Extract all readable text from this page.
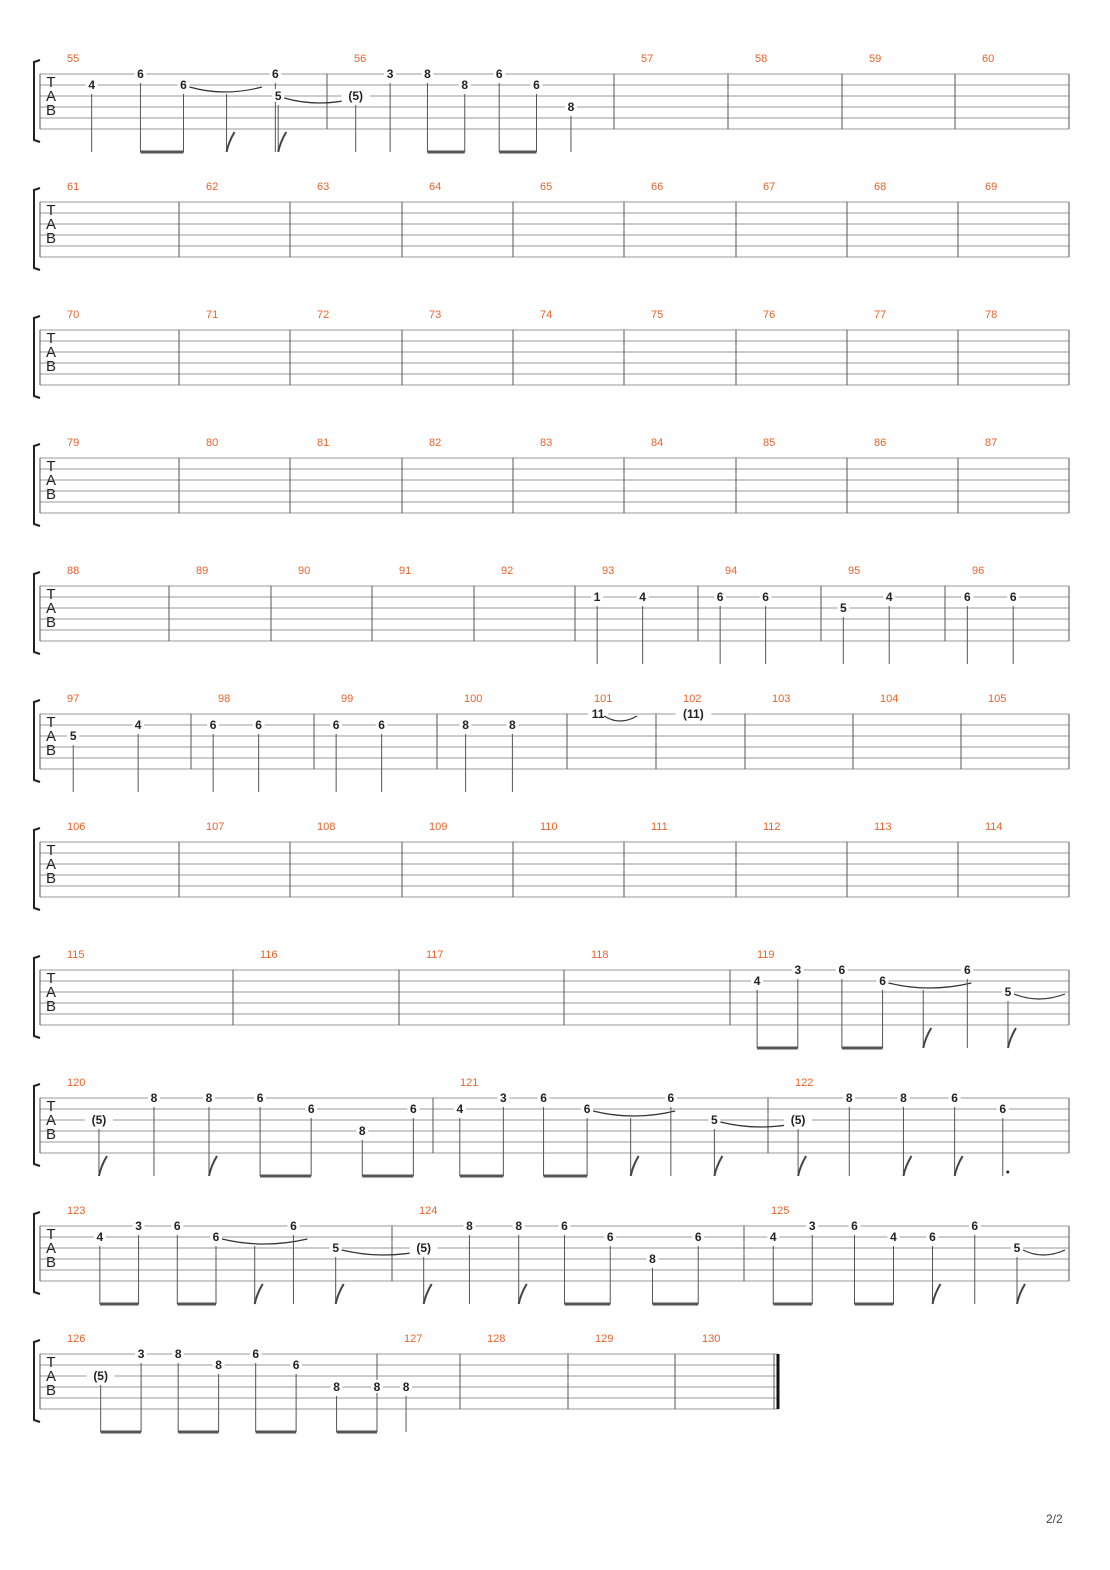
T
A
B
55
4
6
6
6
56
5	(5)
3	8
8
6
6
8
57	58	59	60
T
A
B
61	62	63	64	65	66	67	68	69
T
A
B
70	71	72	73	74	75	76	77	78
T
A
B
79	80	81	82	83	84	85	86	87
T
A
B
88	89	90	91	92	93
1	4
94
6	6
95
5
4
96
6	6
T
A
B
97
5
4
98
6	6
99
6	6
100
8	8
101
11
102
(11)
103	104	105
T
A
B
106	107	108	109	110	111	112	113	114
T
A
B
115	116	117	118	119
4
3	6
6
6
5
T
A
B
120
(5)
8	8	6
6
8
6
121
4
3	6
6
6
5
122
(5)
8	8	6
6
T
A
B
123
4
3	6
6
6
5
124
(5)
8	8	6
6
8
6
125
4
3	6
4	6
6
5
T
A
B
126
(5)
3	8
8
6
6
8	8
127
8
128	129	130
2/2
